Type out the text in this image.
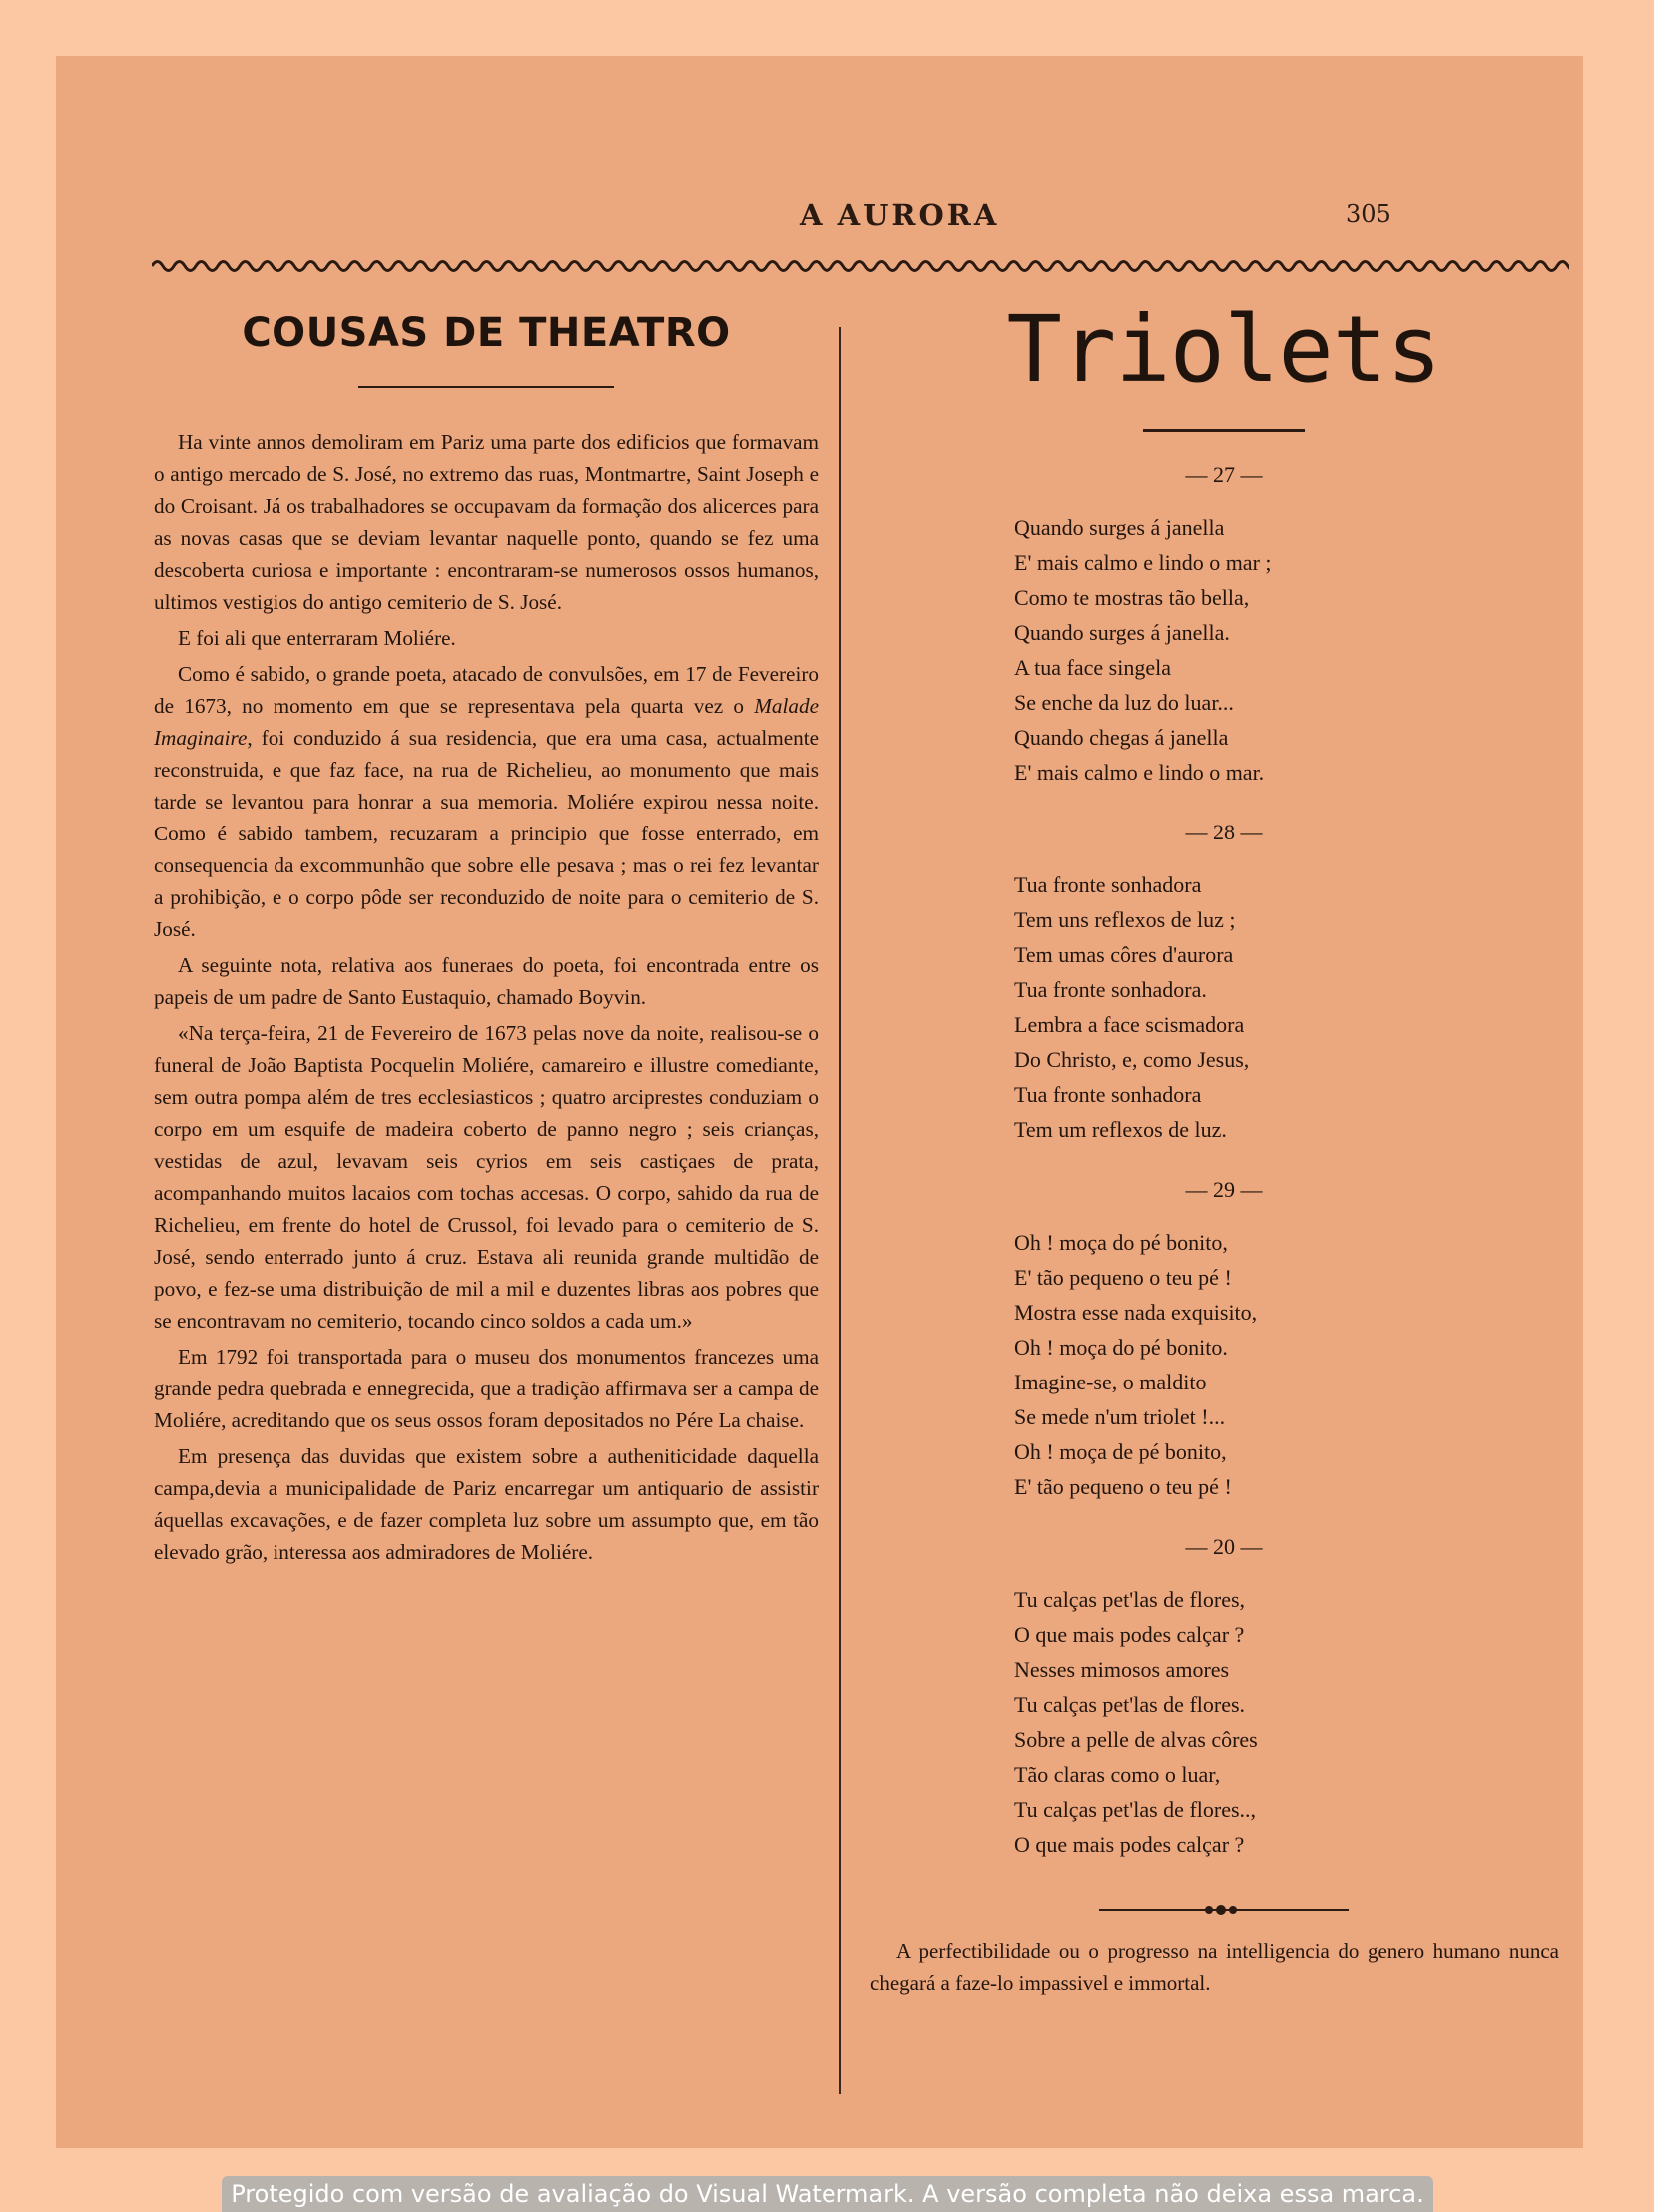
A AURORA	305
COUSAS DE THEATRO

Ha vinte annos demoliram em Pariz uma parte dos edificios que formavam o antigo mercado de S. José, no extremo das ruas, Montmartre, Saint Joseph e do Croisant. Já os trabalhadores se occupavam da formação dos alicerces para as novas casas que se deviam levantar naquelle ponto, quando se fez uma descoberta curiosa e importante : encontraram-se numerosos ossos humanos, ultimos vestigios do antigo cemiterio de S. José.

E foi ali que enterraram Moliére.

Como é sabido, o grande poeta, atacado de convulsões, em 17 de Fevereiro de 1673, no momento em que se representava pela quarta vez o Malade Imaginaire, foi conduzido á sua residencia, que era uma casa, actualmente reconstruida, e que faz face, na rua de Richelieu, ao monumento que mais tarde se levantou para honrar a sua memoria. Moliére expirou nessa noite. Como é sabido tambem, recuzaram a principio que fosse enterrado, em consequencia da excommunhão que sobre elle pesava ; mas o rei fez levantar a prohibição, e o corpo pôde ser reconduzido de noite para o cemiterio de S. José.

A seguinte nota, relativa aos funeraes do poeta, foi encontrada entre os papeis de um padre de Santo Eustaquio, chamado Boyvin.

«Na terça-feira, 21 de Fevereiro de 1673 pelas nove da noite, realisou-se o funeral de João Baptista Pocquelin Moliére, camareiro e illustre comediante, sem outra pompa além de tres ecclesiasticos ; quatro arciprestes conduziam o corpo em um esquife de madeira coberto de panno negro ; seis crianças, vestidas de azul, levavam seis cyrios em seis castiçaes de prata, acompanhando muitos lacaios com tochas accesas. O corpo, sahido da rua de Richelieu, em frente do hotel de Crussol, foi levado para o cemiterio de S. José, sendo enterrado junto á cruz. Estava ali reunida grande multidão de povo, e fez-se uma distribuição de mil a mil e duzentes libras aos pobres que se encontravam no cemiterio, tocando cinco soldos a cada um.»

Em 1792 foi transportada para o museu dos monumentos francezes uma grande pedra quebrada e ennegrecida, que a tradição affirmava ser a campa de Moliére, acreditando que os seus ossos foram depositados no Pére La chaise.

Em presença das duvidas que existem sobre a autheniticidade daquella campa,devia a municipalidade de Pariz encarregar um antiquario de assistir áquellas excavações, e de fazer completa luz sobre um assumpto que, em tão elevado grão, interessa aos admiradores de Moliére.

Triolets
— 27 —
Quando surges á janella
E' mais calmo e lindo o mar ;
Como te mostras tão bella,
Quando surges á janella.
A tua face singela
Se enche da luz do luar...
Quando chegas á janella
E' mais calmo e lindo o mar.
— 28 —
Tua fronte sonhadora
Tem uns reflexos de luz ;
Tem umas côres d'aurora
Tua fronte sonhadora.
Lembra a face scismadora
Do Christo, e, como Jesus,
Tua fronte sonhadora
Tem um reflexos de luz.
— 29 —
Oh ! moça do pé bonito,
E' tão pequeno o teu pé !
Mostra esse nada exquisito,
Oh ! moça do pé bonito.
Imagine-se, o maldito
Se mede n'um triolet !...
Oh ! moça de pé bonito,
E' tão pequeno o teu pé !
— 20 —
Tu calças pet'las de flores,
O que mais podes calçar ?
Nesses mimosos amores
Tu calças pet'las de flores.
Sobre a pelle de alvas côres
Tão claras como o luar,
Tu calças pet'las de flores..,
O que mais podes calçar ?
A perfectibilidade ou o progresso na intelligencia do genero humano nunca chegará a faze-lo impassivel e immortal.
Protegido com versão de avaliação do Visual Watermark. A versão completa não deixa essa marca.
